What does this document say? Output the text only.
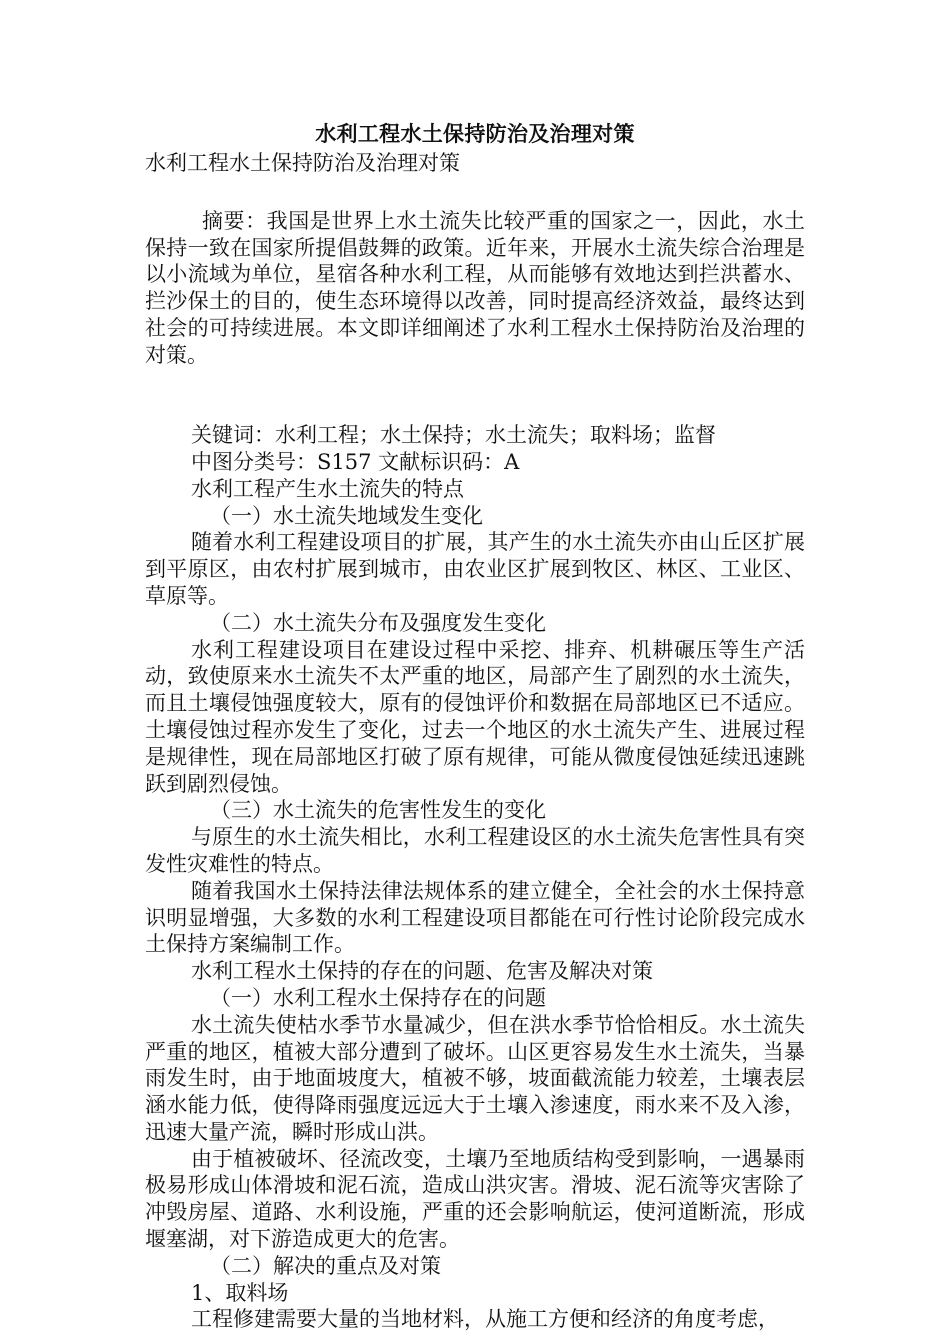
水利工程水土保持防治及治理对策

水利工程水土保持防治及治理对策

摘要：我国是世界上水土流失比较严重的国家之一，因此，水土保持一致在国家所提倡鼓舞的政策。近年来，开展水土流失综合治理是以小流域为单位，星宿各种水利工程，从而能够有效地达到拦洪蓄水、拦沙保土的目的，使生态环境得以改善，同时提高经济效益，最终达到社会的可持续进展。本文即详细阐述了水利工程水土保持防治及治理的对策。

关键词：水利工程；水土保持；水土流失；取料场；监督

中图分类号：S157 文献标识码：A

水利工程产生水土流失的特点

（一）水土流失地域发生变化

随着水利工程建设项目的扩展，其产生的水土流失亦由山丘区扩展到平原区，由农村扩展到城市，由农业区扩展到牧区、林区、工业区、草原等。

（二）水土流失分布及强度发生变化

水利工程建设项目在建设过程中采挖、排弃、机耕碾压等生产活动，致使原来水土流失不太严重的地区，局部产生了剧烈的水土流失，而且土壤侵蚀强度较大，原有的侵蚀评价和数据在局部地区已不适应。土壤侵蚀过程亦发生了变化，过去一个地区的水土流失产生、进展过程是规律性，现在局部地区打破了原有规律，可能从微度侵蚀延续迅速跳跃到剧烈侵蚀。

（三）水土流失的危害性发生的变化

与原生的水土流失相比，水利工程建设区的水土流失危害性具有突发性灾难性的特点。

随着我国水土保持法律法规体系的建立健全，全社会的水土保持意识明显增强，大多数的水利工程建设项目都能在可行性讨论阶段完成水土保持方案编制工作。

水利工程水土保持的存在的问题、危害及解决对策

（一）水利工程水土保持存在的问题

水土流失使枯水季节水量减少，但在洪水季节恰恰相反。水土流失严重的地区，植被大部分遭到了破坏。山区更容易发生水土流失，当暴雨发生时，由于地面坡度大，植被不够，坡面截流能力较差，土壤表层涵水能力低，使得降雨强度远远大于土壤入渗速度，雨水来不及入渗，迅速大量产流，瞬时形成山洪。

由于植被破坏、径流改变，土壤乃至地质结构受到影响，一遇暴雨极易形成山体滑坡和泥石流，造成山洪灾害。滑坡、泥石流等灾害除了冲毁房屋、道路、水利设施，严重的还会影响航运，使河道断流，形成堰塞湖，对下游造成更大的危害。

（二）解决的重点及对策

1、取料场

工程修建需要大量的当地材料，从施工方便和经济的角度考虑，
